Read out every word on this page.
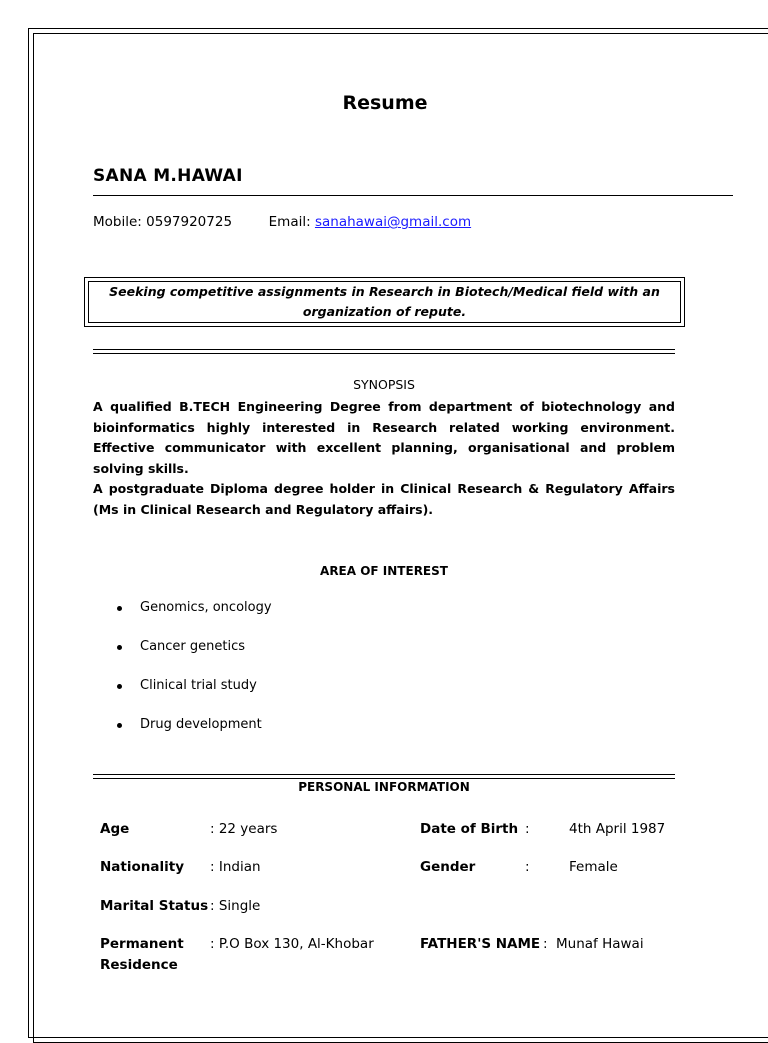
Resume
SANA M.HAWAI
Mobile: 0597920725	Email: sanahawai@gmail.com
Seeking competitive assignments in Research in Biotech/Medical field with an
organization of repute.
SYNOPSIS

A qualified B.TECH Engineering Degree from department of biotechnology and bioinformatics highly interested in Research related working environment. Effective communicator with excellent planning, organisational and problem solving skills.

A postgraduate Diploma degree holder in Clinical Research & Regulatory Affairs (Ms in Clinical Research and Regulatory affairs).

AREA OF INTEREST
Genomics, oncology
Cancer genetics
Clinical trial study
Drug development
PERSONAL INFORMATION
Age	: 22 years	Date of Birth :	4th April 1987
Nationality : Indian	Gender	:	Female
Marital Status : Single
Permanent
Residence
: P.O Box 130, Al-Khobar	FATHER'S NAME : Munaf Hawai
